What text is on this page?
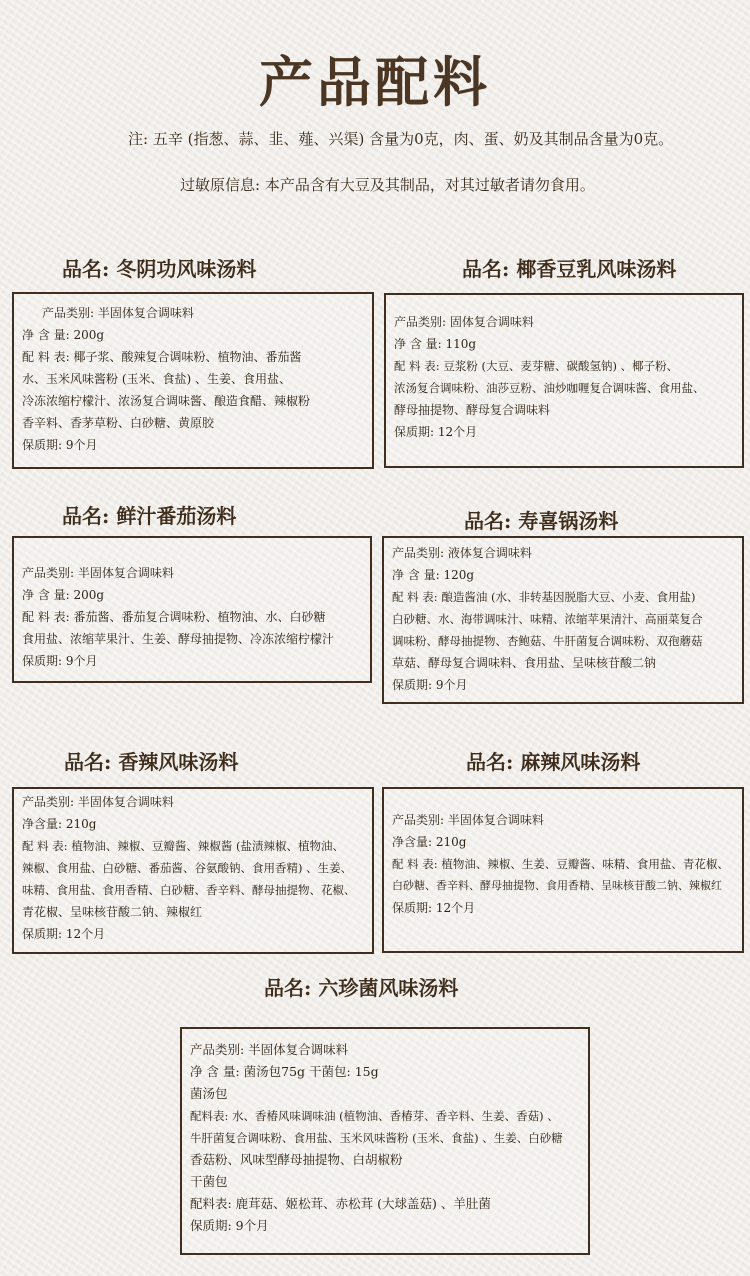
产品配料
注: 五辛 (指葱、蒜、韭、薤、兴渠) 含量为0克，肉、蛋、奶及其制品含量为0克。
过敏原信息: 本产品含有大豆及其制品，对其过敏者请勿食用。
品名: 冬阴功风味汤料
产品类别: 半固体复合调味料
净 含 量: 200g
配 料 表: 椰子浆、酸辣复合调味粉、植物油、番茄酱
水、玉米风味酱粉 (玉米、食盐) 、生姜、食用盐、
冷冻浓缩柠檬汁、浓汤复合调味酱、酿造食醋、辣椒粉
香辛料、香茅草粉、白砂糖、黄原胶
保质期: 9个月
品名: 椰香豆乳风味汤料
产品类别: 固体复合调味料
净 含 量: 110g
配 料 表: 豆浆粉 (大豆、麦芽糖、碳酸氢钠) 、椰子粉、
浓汤复合调味粉、油莎豆粉、油炒咖喱复合调味酱、食用盐、
酵母抽提物、酵母复合调味料
保质期: 12个月
品名: 鲜汁番茄汤料
产品类别: 半固体复合调味料
净 含 量: 200g
配 料 表: 番茄酱、番茄复合调味粉、植物油、水、白砂糖
食用盐、浓缩苹果汁、生姜、酵母抽提物、冷冻浓缩柠檬汁
保质期: 9个月
品名: 寿喜锅汤料
产品类别: 液体复合调味料
净 含 量: 120g
配 料 表: 酿造酱油 (水、非转基因脱脂大豆、小麦、食用盐)
白砂糖、水、海带调味汁、味精、浓缩苹果清汁、高丽菜复合
调味粉、酵母抽提物、杏鲍菇、牛肝菌复合调味粉、双孢蘑菇
草菇、酵母复合调味料、食用盐、呈味核苷酸二钠
保质期: 9个月
品名: 香辣风味汤料
产品类别: 半固体复合调味料
净含量: 210g
配 料 表: 植物油、辣椒、豆瓣酱、辣椒酱 (盐渍辣椒、植物油、
辣椒、食用盐、白砂糖、番茄酱、谷氨酸钠、食用香精) 、生姜、
味精、食用盐、食用香精、白砂糖、香辛料、酵母抽提物、花椒、
青花椒、呈味核苷酸二钠、辣椒红
保质期: 12个月
品名: 麻辣风味汤料
产品类别: 半固体复合调味料
净含量: 210g
配 料 表: 植物油、辣椒、生姜、豆瓣酱、味精、食用盐、青花椒、
白砂糖、香辛料、酵母抽提物、食用香精、呈味核苷酸二钠、辣椒红
保质期: 12个月
品名: 六珍菌风味汤料
产品类别: 半固体复合调味料
净 含 量: 菌汤包75g 干菌包: 15g
菌汤包
配料表: 水、香椿风味调味油 (植物油、香椿芽、香辛料、生姜、香菇) 、
牛肝菌复合调味粉、食用盐、玉米风味酱粉 (玉米、食盐) 、生姜、白砂糖
香菇粉、风味型酵母抽提物、白胡椒粉
干菌包
配料表: 鹿茸菇、姬松茸、赤松茸 (大球盖菇) 、羊肚菌
保质期: 9个月
